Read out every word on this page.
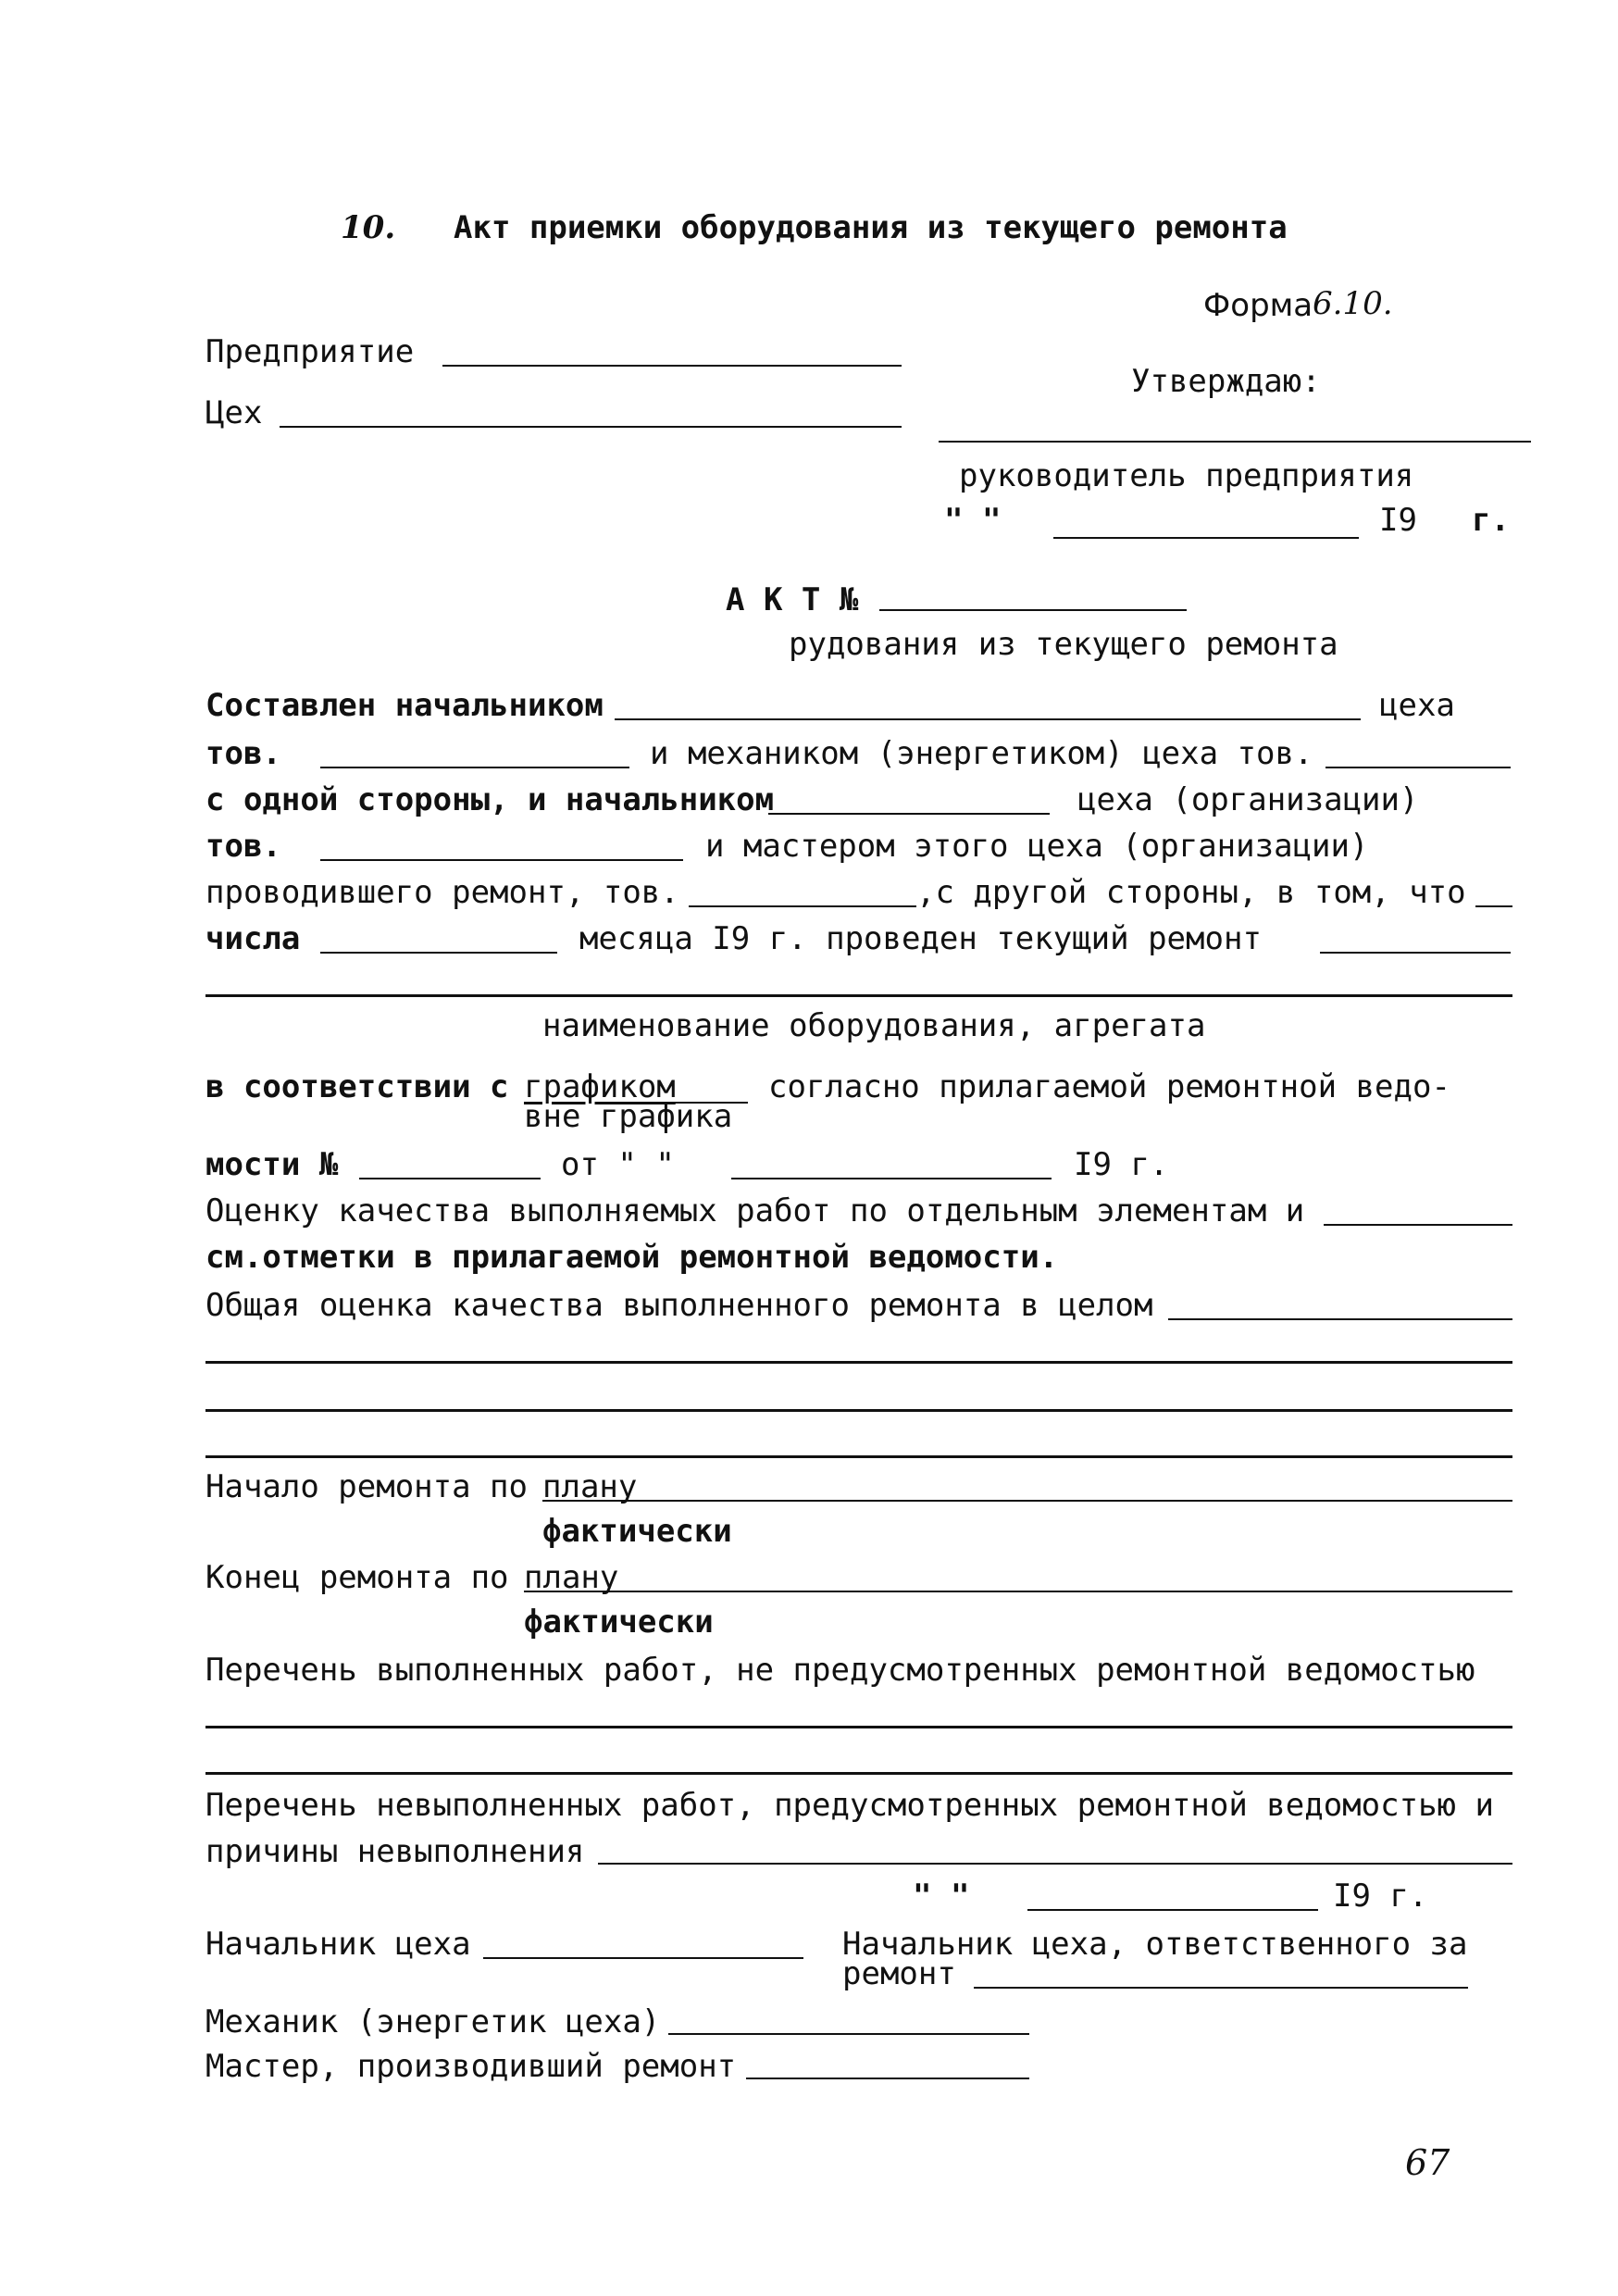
10. Акт приемки оборудования из текущего ремонта
Форма 6.10.
Предприятие
Цех
Утверждаю:
руководитель предприятия
" "	I9 г.
А К Т №
рудования из текущего ремонта
Составлен начальником	цеха
тов.	и механиком (энергетиком) цеха тов.
с одной стороны, и начальником	цеха (организации)
тов.	и мастером этого цеха (организации)
проводившего ремонт, тов.	,с другой стороны, в том, что
числа	месяца I9 г. проведен текущий ремонт
наименование оборудования, агрегата
в соответствии с графиком	согласно прилагаемой ремонтной ведо-
вне графика
мости №	от " "	I9 г.
Оценку качества выполняемых работ по отдельным элементам и
см.отметки в прилагаемой ремонтной ведомости.
Общая оценка качества выполненного ремонта в целом
Начало ремонта по плану
фактически
Конец ремонта по плану
фактически
Перечень выполненных работ, не предусмотренных ремонтной ведомостью
Перечень невыполненных работ, предусмотренных ремонтной ведомостью и
причины невыполнения
" "	I9 г.
Начальник цеха	Начальник цеха, ответственного за
ремонт
Механик (энергетик цеха)
Мастер, производивший ремонт
67
